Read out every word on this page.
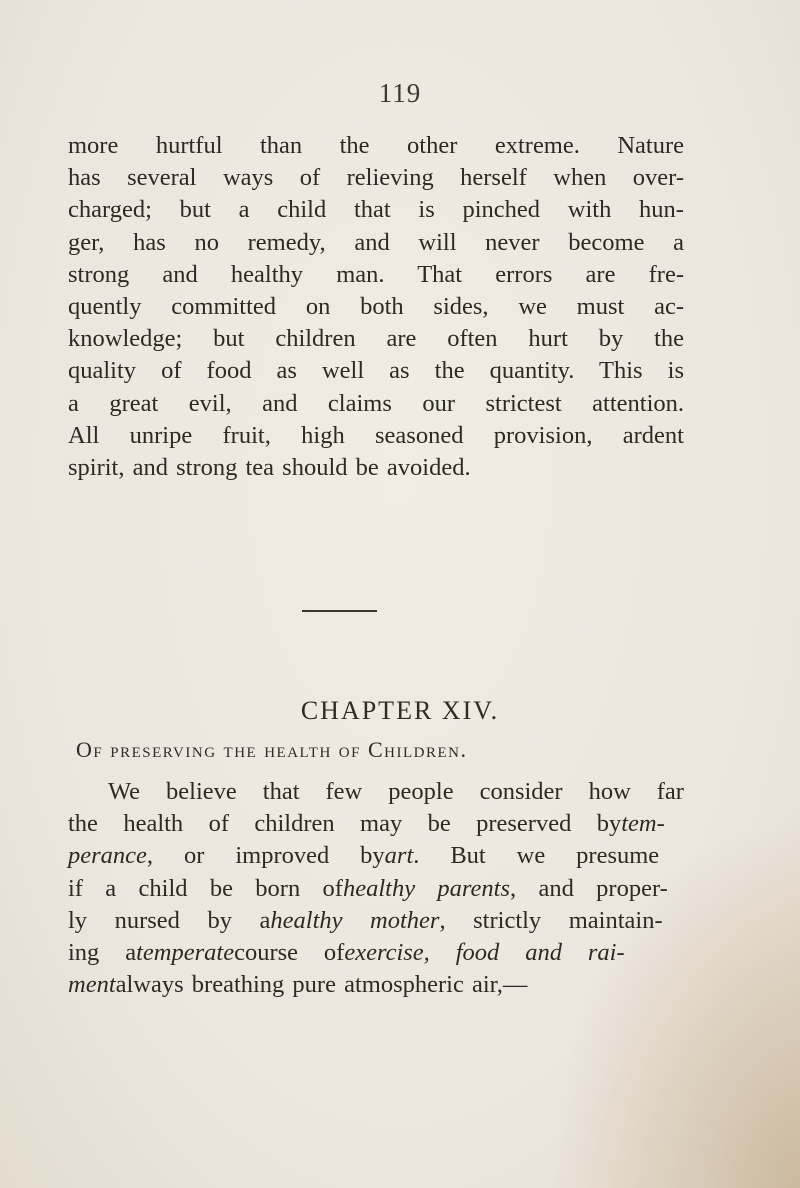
119
more hurtful than the other extreme. Nature
has several ways of relieving herself when over-
charged; but a child that is pinched with hun-
ger, has no remedy, and will never become a
strong and healthy man. That errors are fre-
quently committed on both sides, we must ac-
knowledge; but children are often hurt by the
quality of food as well as the quantity. This is
a great evil, and claims our strictest attention.
All unripe fruit, high seasoned provision, ardent
spirit, and strong tea should be avoided.
CHAPTER XIV.
Of preserving the health of Children.
We believe that few people consider how far
the health of children may be preserved bytem-
perance, or improved byart. But we presume
if a child be born ofhealthy parents, and proper-
ly nursed by ahealthy mother, strictly maintain-
ing atemperatecourse ofexercise, food and rai-
mentalways breathing pure atmospheric air,—
